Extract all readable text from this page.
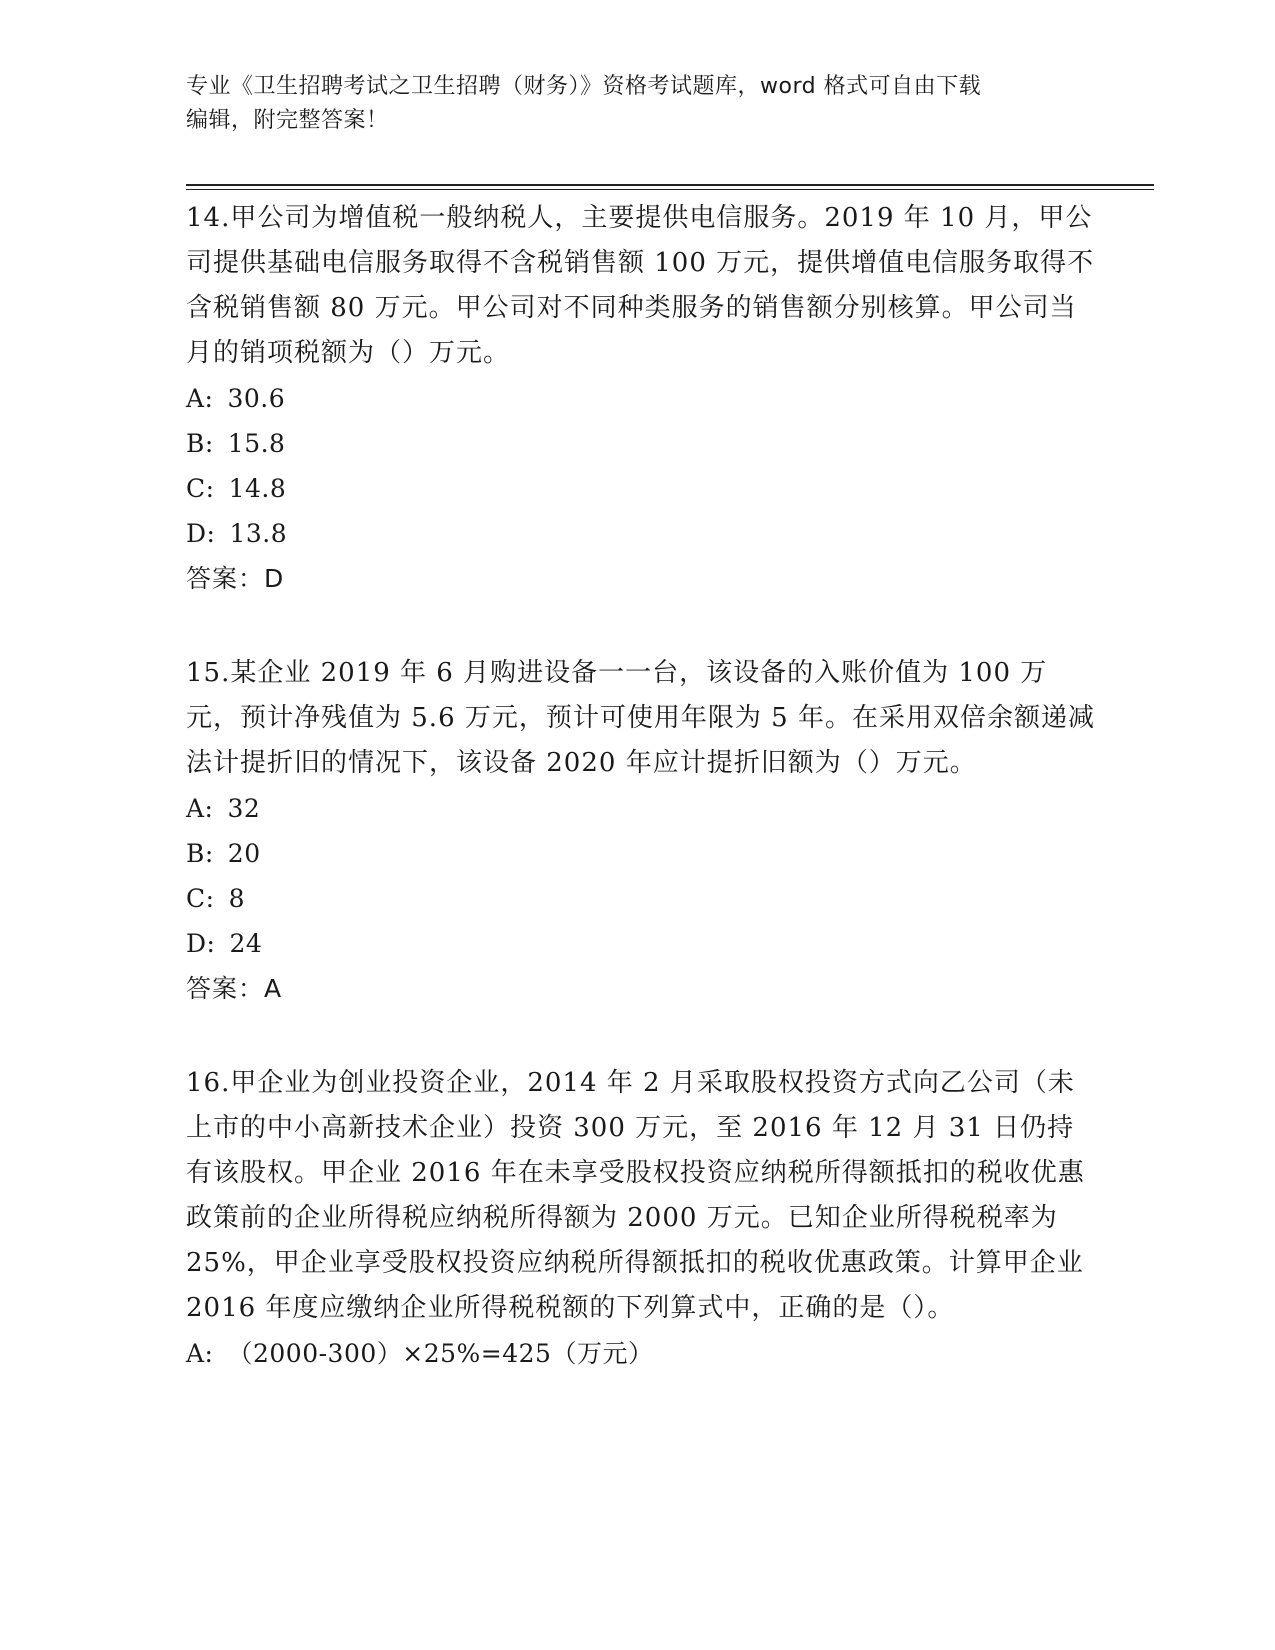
专业《卫生招聘考试之卫生招聘（财务）》资格考试题库，word 格式可自由下载

编辑，附完整答案！

14.甲公司为增值税一般纳税人，主要提供电信服务。2019 年 10 月，甲公司提供基础电信服务取得不含税销售额 100 万元，提供增值电信服务取得不含税销售额 80 万元。甲公司对不同种类服务的销售额分别核算。甲公司当月的销项税额为（）万元。

A: 30.6
B: 15.8
C: 14.8
D: 13.8

答案：D

15.某企业 2019 年 6 月购进设备一一台，该设备的入账价值为 100 万元，预计净残值为 5.6 万元，预计可使用年限为 5 年。在采用双倍余额递减法计提折旧的情况下，该设备 2020 年应计提折旧额为（）万元。

A: 32
B: 20
C: 8
D: 24

答案：A

16.甲企业为创业投资企业，2014 年 2 月采取股权投资方式向乙公司（未上市的中小高新技术企业）投资 300 万元，至 2016 年 12 月 31 日仍持有该股权。甲企业 2016 年在未享受股权投资应纳税所得额抵扣的税收优惠政策前的企业所得税应纳税所得额为 2000 万元。已知企业所得税税率为 25%，甲企业享受股权投资应纳税所得额抵扣的税收优惠政策。计算甲企业 2016 年度应缴纳企业所得税税额的下列算式中，正确的是（）。

A: （2000-300）×25%=425（万元）
